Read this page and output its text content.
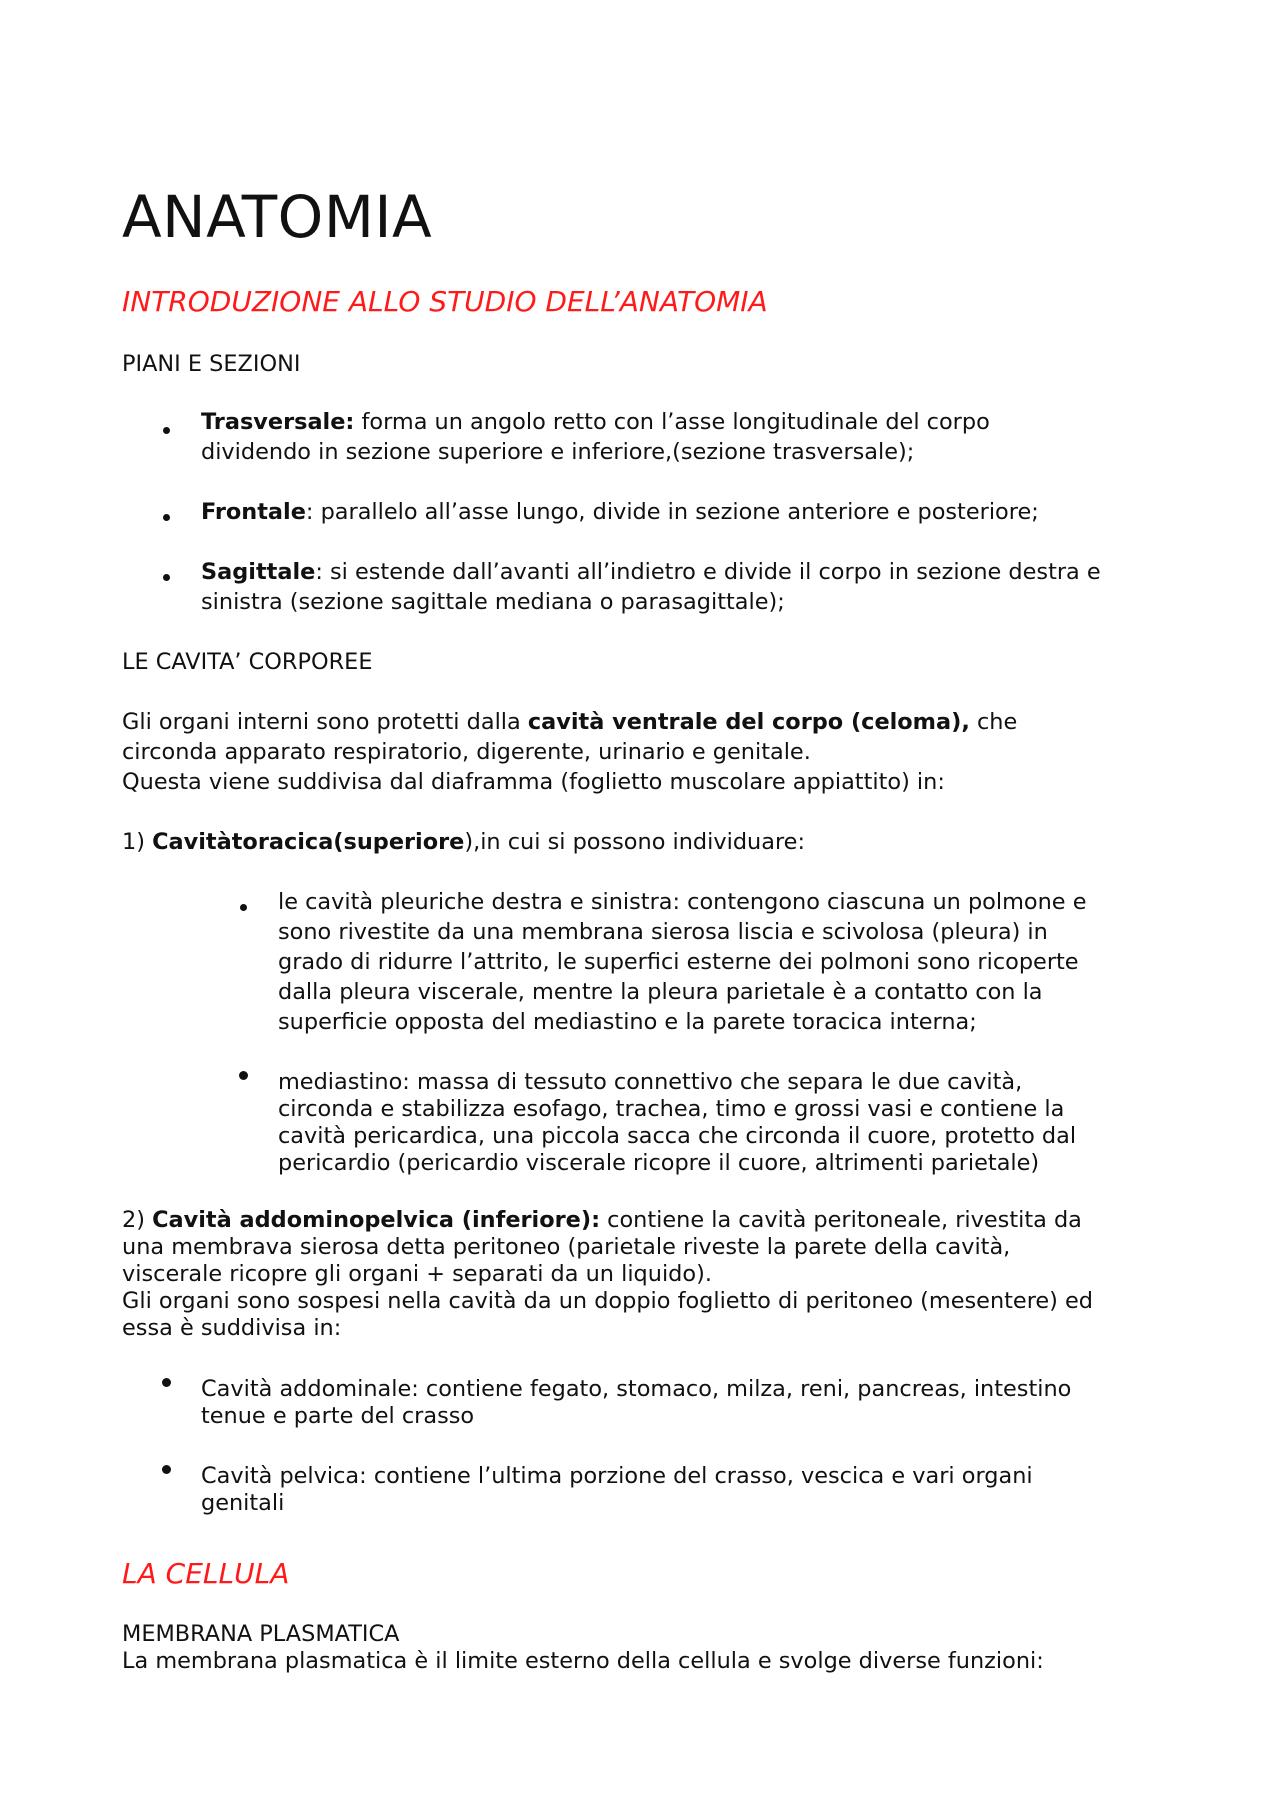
ANATOMIA
INTRODUZIONE ALLO STUDIO DELL’ANATOMIA
PIANI E SEZIONI
Trasversale: forma un angolo retto con l’asse longitudinale del corpo
dividendo in sezione superiore e inferiore,(sezione trasversale);
Frontale: parallelo all’asse lungo, divide in sezione anteriore e posteriore;
Sagittale: si estende dall’avanti all’indietro e divide il corpo in sezione destra e
sinistra (sezione sagittale mediana o parasagittale);
LE CAVITA’ CORPOREE
Gli organi interni sono protetti dalla cavità ventrale del corpo (celoma), che
circonda apparato respiratorio, digerente, urinario e genitale.
Questa viene suddivisa dal diaframma (foglietto muscolare appiattito) in:
1) Cavitàtoracica(superiore),in cui si possono individuare:
le cavità pleuriche destra e sinistra: contengono ciascuna un polmone e
sono rivestite da una membrana sierosa liscia e scivolosa (pleura) in
grado di ridurre l’attrito, le superfici esterne dei polmoni sono ricoperte
dalla pleura viscerale, mentre la pleura parietale è a contatto con la
superficie opposta del mediastino e la parete toracica interna;
mediastino: massa di tessuto connettivo che separa le due cavità,
circonda e stabilizza esofago, trachea, timo e grossi vasi e contiene la
cavità pericardica, una piccola sacca che circonda il cuore, protetto dal
pericardio (pericardio viscerale ricopre il cuore, altrimenti parietale)
2) Cavità addominopelvica (inferiore): contiene la cavità peritoneale, rivestita da
una membrava sierosa detta peritoneo (parietale riveste la parete della cavità,
viscerale ricopre gli organi + separati da un liquido).
Gli organi sono sospesi nella cavità da un doppio foglietto di peritoneo (mesentere) ed
essa è suddivisa in:
Cavità addominale: contiene fegato, stomaco, milza, reni, pancreas, intestino
tenue e parte del crasso
Cavità pelvica: contiene l’ultima porzione del crasso, vescica e vari organi
genitali
LA CELLULA
MEMBRANA PLASMATICA
La membrana plasmatica è il limite esterno della cellula e svolge diverse funzioni:
